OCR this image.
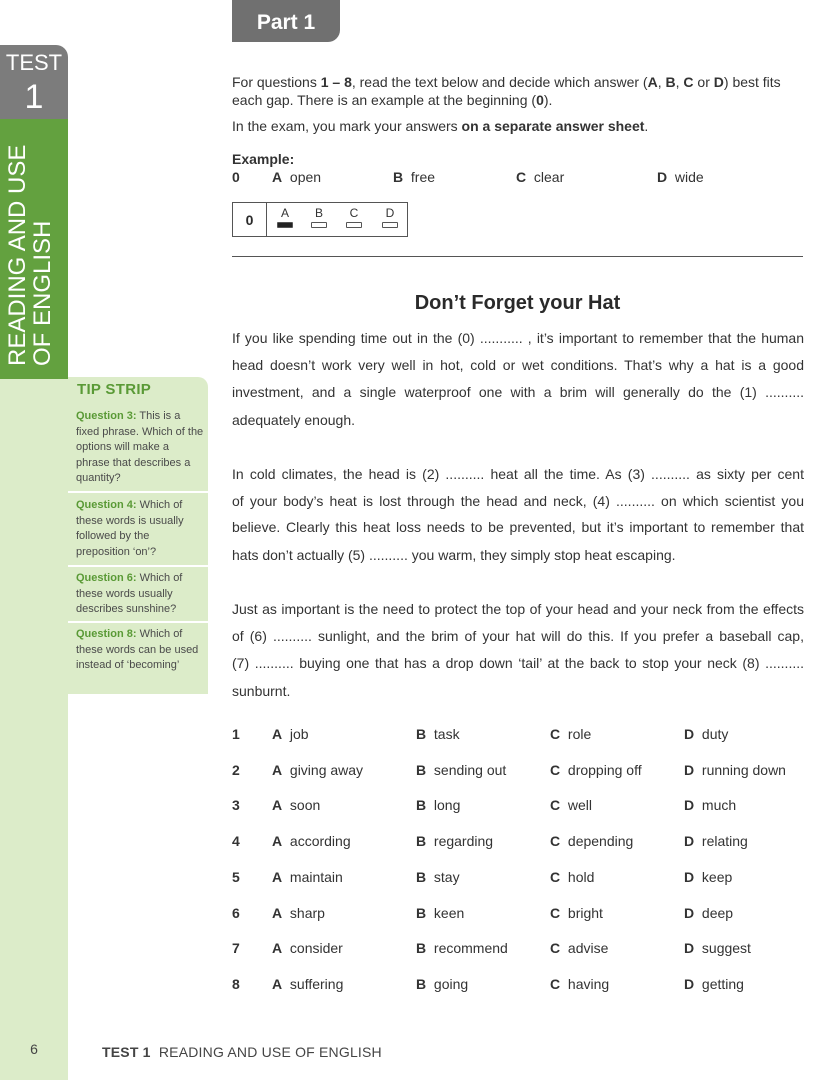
TEST
1
READING AND USE OF ENGLISH
6
TIP STRIP
Question 3: This is a fixed phrase. Which of the options will make a phrase that describes a quantity?
Question 4: Which of these words is usually followed by the preposition ‘on’?
Question 6: Which of these words usually describes sunshine?
Question 8: Which of these words can be used instead of ‘becoming’
Part 1
For questions 1 – 8, read the text below and decide which answer (A, B, C or D) best fits
each gap. There is an example at the beginning (0).
In the exam, you mark your answers on a separate answer sheet.
Example:
0 A open	B free	C clear	D wide
0	A	B	C	D
Don’t Forget your Hat
If you like spending time out in the (0) ........... , it’s important to remember that the human
head doesn’t work very well in hot, cold or wet conditions. That’s why a hat is a good
investment, and a single waterproof one with a brim will generally do the (1) ..........
adequately enough.
In cold climates, the head is (2) .......... heat all the time. As (3) .......... as sixty per cent
of your body’s heat is lost through the head and neck, (4) .......... on which scientist you
believe. Clearly this heat loss needs to be prevented, but it’s important to remember that
hats don’t actually (5) .......... you warm, they simply stop heat escaping.
Just as important is the need to protect the top of your head and your neck from the effects
of (6) .......... sunlight, and the brim of your hat will do this. If you prefer a baseball cap,
(7) .......... buying one that has a drop down ‘tail’ at the back to stop your neck (8) ..........
sunburnt.
1 A job	B task	C role	D duty
2 A giving away	B sending out	C dropping off	D running down
3 A soon	B long	C well	D much
4 A according	B regarding	C depending	D relating
5 A maintain	B stay	C hold	D keep
6 A sharp	B keen	C bright	D deep
7 A consider	B recommend	C advise	D suggest
8 A suffering	B going	C having	D getting
TEST 1 READING AND USE OF ENGLISH
